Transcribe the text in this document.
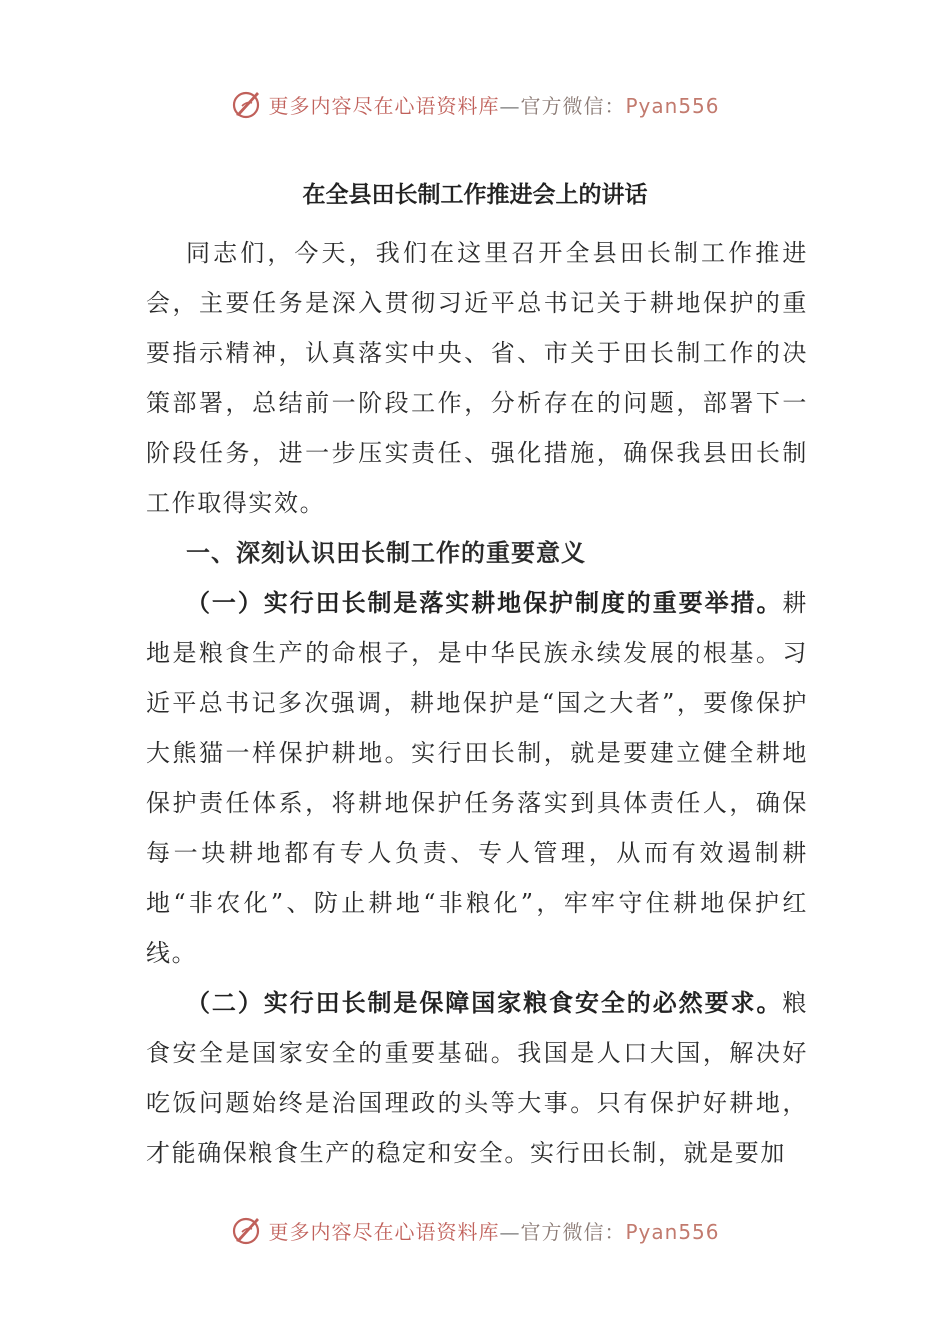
更多内容尽在心语资料库—官方微信：Pyan556
在全县田长制工作推进会上的讲话

同志们，今天，我们在这里召开全县田长制工作推进会，主要任务是深入贯彻习近平总书记关于耕地保护的重要指示精神，认真落实中央、省、市关于田长制工作的决策部署，总结前一阶段工作，分析存在的问题，部署下一阶段任务，进一步压实责任、强化措施，确保我县田长制工作取得实效。

一、深刻认识田长制工作的重要意义

（一）实行田长制是落实耕地保护制度的重要举措。耕地是粮食生产的命根子，是中华民族永续发展的根基。习近平总书记多次强调，耕地保护是“国之大者”，要像保护大熊猫一样保护耕地。实行田长制，就是要建立健全耕地保护责任体系，将耕地保护任务落实到具体责任人，确保每一块耕地都有专人负责、专人管理，从而有效遏制耕地“非农化”、防止耕地“非粮化”，牢牢守住耕地保护红线。

（二）实行田长制是保障国家粮食安全的必然要求。粮食安全是国家安全的重要基础。我国是人口大国，解决好吃饭问题始终是治国理政的头等大事。只有保护好耕地，才能确保粮食生产的稳定和安全。实行田长制，就是要加

更多内容尽在心语资料库—官方微信：Pyan556
